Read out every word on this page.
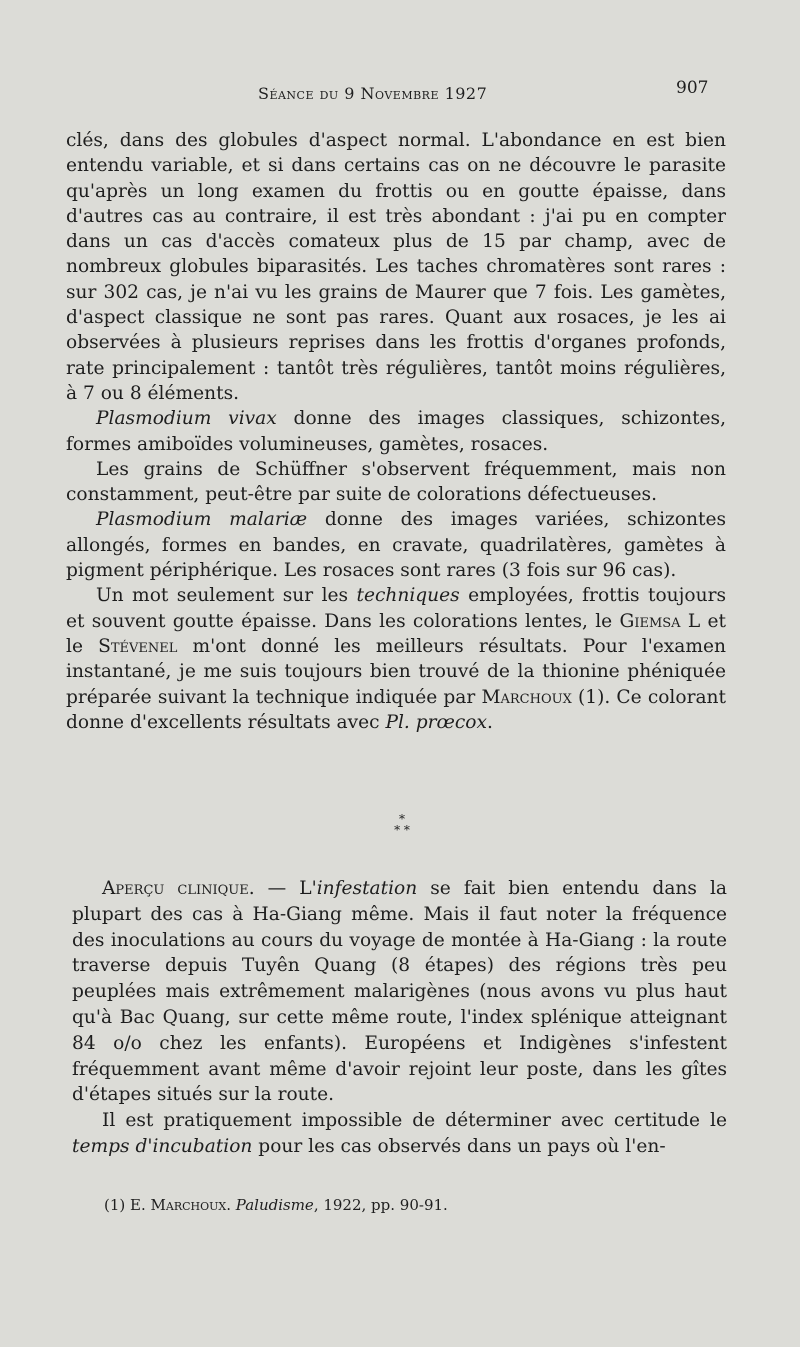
Séance du 9 Novembre 1927	907

clés, dans des globules d'aspect normal. L'abondance en est bien entendu variable, et si dans certains cas on ne découvre le parasite qu'après un long examen du frottis ou en goutte épaisse, dans d'autres cas au contraire, il est très abondant : j'ai pu en compter dans un cas d'accès comateux plus de 15 par champ, avec de nombreux globules biparasités. Les taches chromatères sont rares : sur 302 cas, je n'ai vu les grains de Maurer que 7 fois. Les gamètes, d'aspect classique ne sont pas rares. Quant aux rosaces, je les ai observées à plusieurs reprises dans les frottis d'organes profonds, rate principalement : tantôt très régulières, tantôt moins régulières, à 7 ou 8 éléments.

Plasmodium vivax donne des images classiques, schizontes, formes amiboïdes volumineuses, gamètes, rosaces.

Les grains de Schüffner s'observent fréquemment, mais non constamment, peut-être par suite de colorations défectueuses.

Plasmodium malariæ donne des images variées, schizontes allongés, formes en bandes, en cravate, quadrilatères, gamètes à pigment périphérique. Les rosaces sont rares (3 fois sur 96 cas).

Un mot seulement sur les techniques employées, frottis toujours et souvent goutte épaisse. Dans les colorations lentes, le Giemsa L et le Stévenel m'ont donné les meilleurs résultats. Pour l'examen instantané, je me suis toujours bien trouvé de la thionine phéniquée préparée suivant la technique indiquée par Marchoux (1). Ce colorant donne d'excellents résultats avec Pl. prœcox.

*
* *

Aperçu clinique. — L'infestation se fait bien entendu dans la plupart des cas à Ha-Giang même. Mais il faut noter la fréquence des inoculations au cours du voyage de montée à Ha-Giang : la route traverse depuis Tuyên Quang (8 étapes) des régions très peu peuplées mais extrêmement malarigènes (nous avons vu plus haut qu'à Bac Quang, sur cette même route, l'index splénique atteignant 84 o/o chez les enfants). Européens et Indigènes s'infestent fréquemment avant même d'avoir rejoint leur poste, dans les gîtes d'étapes situés sur la route.

Il est pratiquement impossible de déterminer avec certitude le temps d'incubation pour les cas observés dans un pays où l'en-

(1) E. Marchoux. Paludisme, 1922, pp. 90-91.
